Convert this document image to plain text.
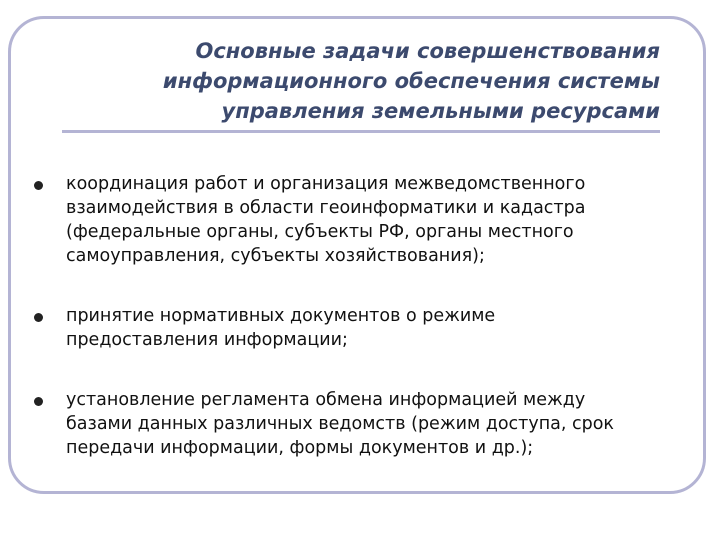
Основные задачи совершенствования
информационного обеспечения системы
управления земельными ресурсами
координация работ и организация межведомственного
взаимодействия в области геоинформатики и кадастра
(федеральные органы, субъекты РФ, органы местного
самоуправления, субъекты хозяйствования);
принятие нормативных документов о режиме
предоставления информации;
установление регламента обмена информацией между
базами данных различных ведомств (режим доступа, срок
передачи информации, формы документов и др.);
